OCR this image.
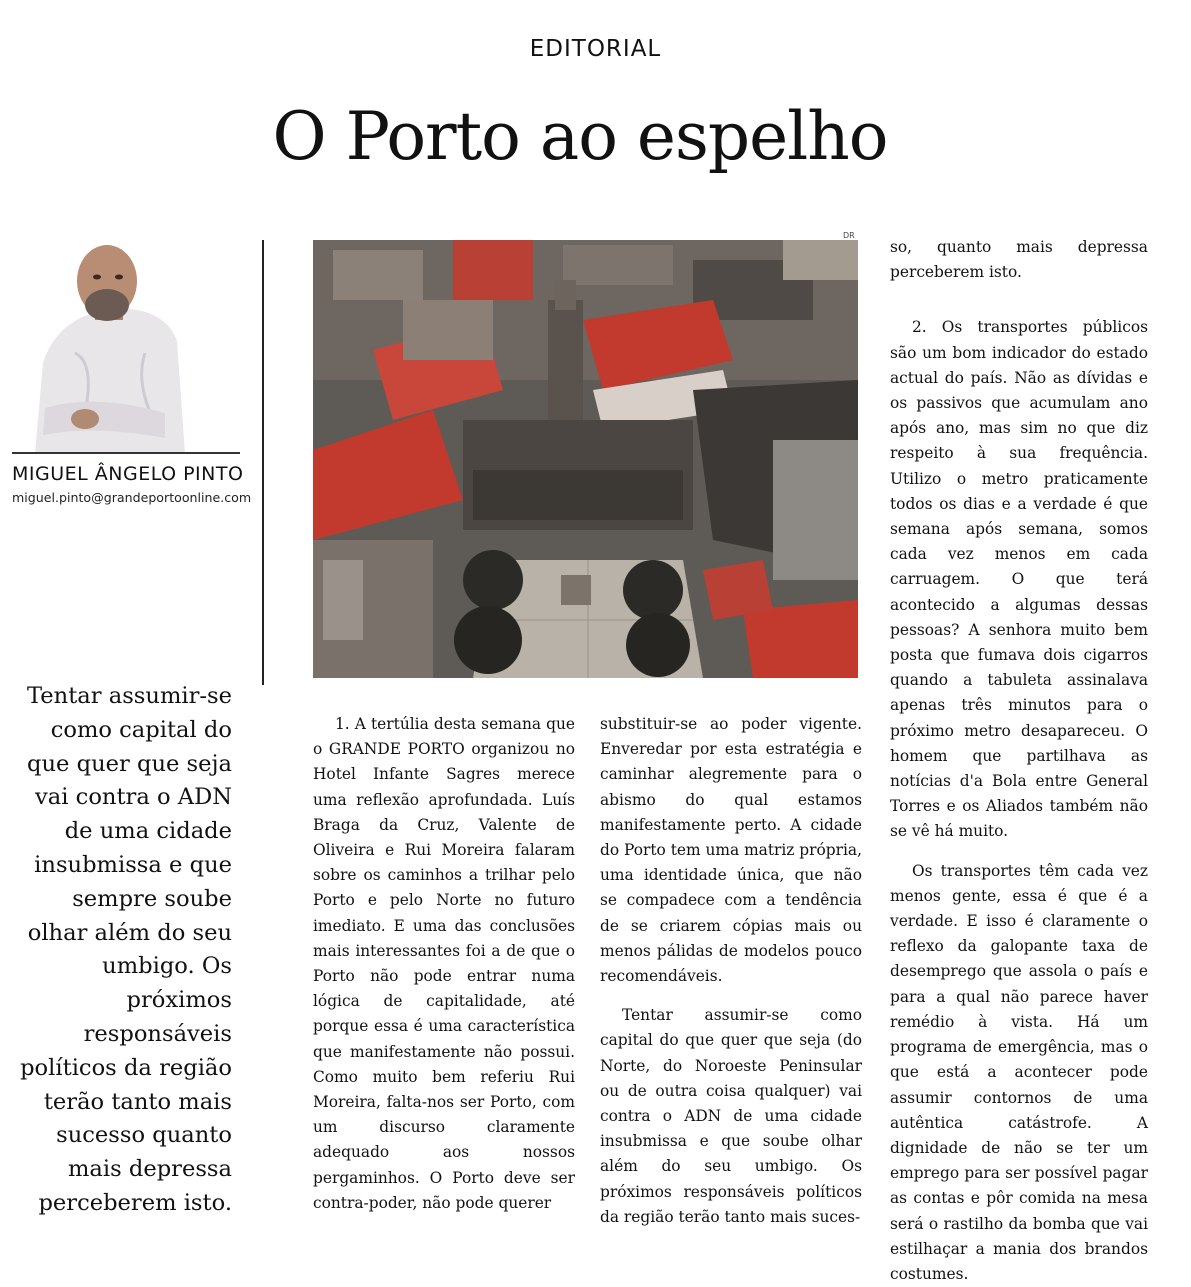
EDITORIAL
O Porto ao espelho
MIGUEL ÂNGELO PINTO
miguel.pinto@grandeportoonline.com
Tentar assumir-se como capital do que quer que seja vai contra o ADN de uma cidade insubmissa e que sempre soube olhar além do seu umbigo. Os próximos responsáveis políticos da região terão tanto mais sucesso quanto mais depressa perceberem isto.
DR

1. A tertúlia desta semana que o GRANDE PORTO organizou no Hotel Infante Sagres merece uma reflexão aprofundada. Luís Braga da Cruz, Valente de Oliveira e Rui Moreira falaram sobre os caminhos a trilhar pelo Porto e pelo Norte no futuro imediato. E uma das conclusões mais interessantes foi a de que o Porto não pode entrar numa lógica de capitalidade, até porque essa é uma característica que manifestamente não possui. Como muito bem referiu Rui Moreira, falta-nos ser Porto, com um discurso claramente adequado aos nossos pergaminhos. O Porto deve ser contra-poder, não pode querer

substituir-se ao poder vigente. Enveredar por esta estratégia e caminhar alegremente para o abismo do qual estamos manifestamente perto. A cidade do Porto tem uma matriz própria, uma identidade única, que não se compadece com a tendência de se criarem cópias mais ou menos pálidas de modelos pouco recomendáveis.

Tentar assumir-se como capital do que quer que seja (do Norte, do Noroeste Peninsular ou de outra coisa qualquer) vai contra o ADN de uma cidade insubmissa e que soube olhar além do seu umbigo. Os próximos responsáveis políticos da região terão tanto mais suces-

so, quanto mais depressa perceberem isto.

2. Os transportes públicos são um bom indicador do estado actual do país. Não as dívidas e os passivos que acumulam ano após ano, mas sim no que diz respeito à sua frequência. Utilizo o metro praticamente todos os dias e a verdade é que semana após semana, somos cada vez menos em cada carruagem. O que terá acontecido a algumas dessas pessoas? A senhora muito bem posta que fumava dois cigarros quando a tabuleta assinalava apenas três minutos para o próximo metro desapareceu. O homem que partilhava as notícias d'a Bola entre General Torres e os Aliados também não se vê há muito.

Os transportes têm cada vez menos gente, essa é que é a verdade. E isso é claramente o reflexo da galopante taxa de desemprego que assola o país e para a qual não parece haver remédio à vista. Há um programa de emergência, mas o que está a acontecer pode assumir contornos de uma autêntica catástrofe. A dignidade de não se ter um emprego para ser possível pagar as contas e pôr comida na mesa será o rastilho da bomba que vai estilhaçar a mania dos brandos costumes.
